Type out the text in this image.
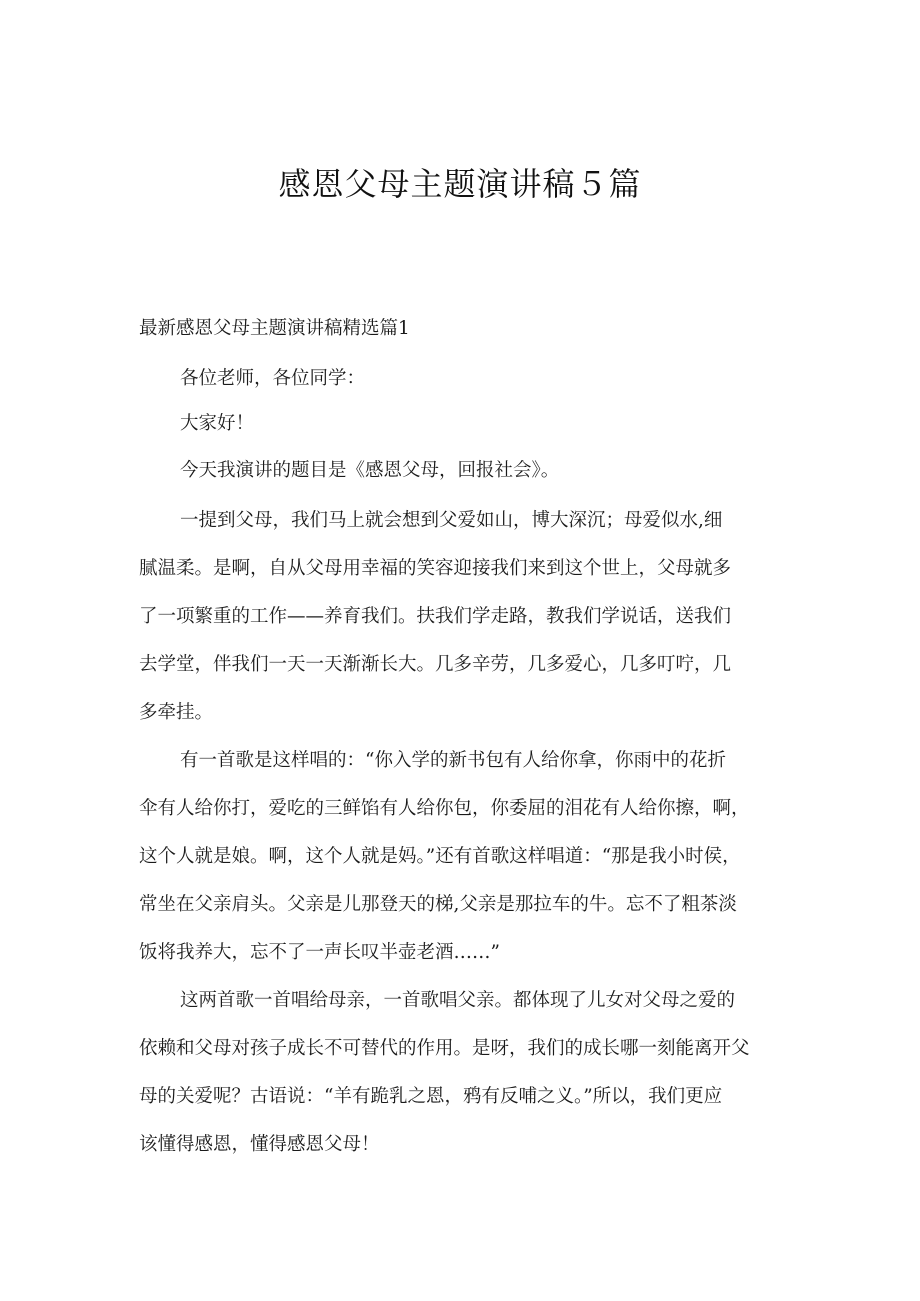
感恩父母主题演讲稿５篇
最新感恩父母主题演讲稿精选篇1

各位老师，各位同学：

大家好！

今天我演讲的题目是《感恩父母，回报社会》。

一提到父母，我们马上就会想到父爱如山，博大深沉；母爱似水,细

腻温柔。是啊，自从父母用幸福的笑容迎接我们来到这个世上，父母就多

了一项繁重的工作——养育我们。扶我们学走路，教我们学说话，送我们

去学堂，伴我们一天一天渐渐长大。几多辛劳，几多爱心，几多叮咛，几

多牵挂。

有一首歌是这样唱的：“你入学的新书包有人给你拿，你雨中的花折

伞有人给你打，爱吃的三鲜馅有人给你包，你委屈的泪花有人给你擦，啊，

这个人就是娘。啊，这个人就是妈。”还有首歌这样唱道：“那是我小时侯，

常坐在父亲肩头。父亲是儿那登天的梯,父亲是那拉车的牛。忘不了粗茶淡

饭将我养大，忘不了一声长叹半壶老酒……”

这两首歌一首唱给母亲，一首歌唱父亲。都体现了儿女对父母之爱的

依赖和父母对孩子成长不可替代的作用。是呀，我们的成长哪一刻能离开父

母的关爱呢？古语说：“羊有跪乳之恩，鸦有反哺之义。”所以，我们更应

该懂得感恩，懂得感恩父母！
